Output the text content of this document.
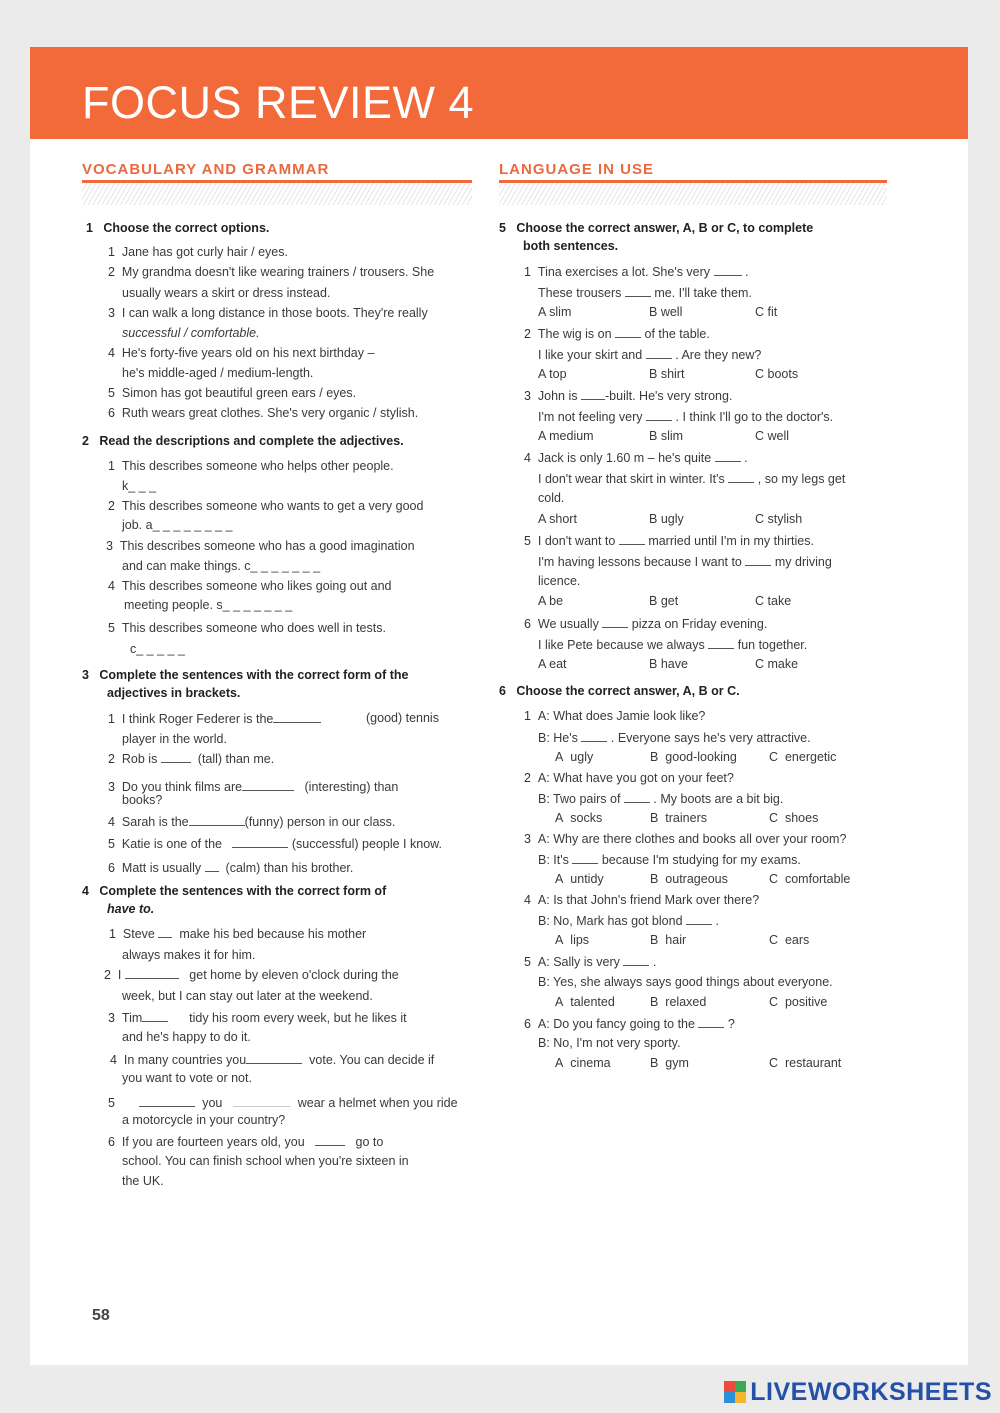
FOCUS REVIEW 4
VOCABULARY AND GRAMMAR	LANGUAGE IN USE
1 Choose the correct options.
1 Jane has got curly hair / eyes.
2 My grandma doesn't like wearing trainers / trousers. She
usually wears a skirt or dress instead.
3 I can walk a long distance in those boots. They're really
successful / comfortable.
4 He's forty-five years old on his next birthday –
he's middle-aged / medium-length.
5 Simon has got beautiful green ears / eyes.
6 Ruth wears great clothes. She's very organic / stylish.
2 Read the descriptions and complete the adjectives.
1 This describes someone who helps other people.
k_ _ _
2 This describes someone who wants to get a very good
job. a_ _ _ _ _ _ _ _
3 This describes someone who has a good imagination
and can make things. c_ _ _ _ _ _ _
4 This describes someone who likes going out and
meeting people. s_ _ _ _ _ _ _
5 This describes someone who does well in tests.
c_ _ _ _ _
3 Complete the sentences with the correct form of the
adjectives in brackets.
1 I think Roger Federer is the	(good) tennis
player in the world.
2 Rob is	(tall) than me.
3 Do you think films are	(interesting) than
books?
4 Sarah is the	(funny) person in our class.
5 Katie is one of the	(successful) people I know.
6 Matt is usually (calm) than his brother.
4 Complete the sentences with the correct form of
have to.
1 Steve make his bed because his mother
always makes it for him.
2 I	get home by eleven o'clock during the
week, but I can stay out later at the weekend.
3 Tim	tidy his room every week, but he likes it
and he's happy to do it.
4 In many countries you	vote. You can decide if
you want to vote or not.
5	you	wear a helmet when you ride
a motorcycle in your country?
6 If you are fourteen years old, you	go to
school. You can finish school when you're sixteen in
the UK.
5 Choose the correct answer, A, B or C, to complete
both sentences.
1 Tina exercises a lot. She's very	.
These trousers	me. I'll take them.
A slim	B well	C fit
2 The wig is on	of the table.
I like your skirt and	. Are they new?
A top	B shirt	C boots
3 John is -built. He's very strong.
I'm not feeling very	. I think I'll go to the doctor's.
A medium	B slim	C well
4 Jack is only 1.60 m – he's quite  .
I don't wear that skirt in winter. It's	, so my legs get
cold.
A short	B ugly	C stylish
5 I don't want to	married until I'm in my thirties.
I'm having lessons because I want to	my driving
licence.
A be	B get	C take
6 We usually	pizza on Friday evening.
I like Pete because we always	fun together.
A eat	B have	C make
6 Choose the correct answer, A, B or C.
1 A: What does Jamie look like?
B: He's	. Everyone says he's very attractive.
A ugly	B good-looking	C energetic
2 A: What have you got on your feet?
B: Two pairs of	. My boots are a bit big.
A socks	B trainers	C shoes
3 A: Why are there clothes and books all over your room?
B: It's	because I'm studying for my exams.
A untidy	B outrageous	C comfortable
4 A: Is that John's friend Mark over there?
B: No, Mark has got blond  .
A lips	B hair	C ears
5 A: Sally is very  .
B: Yes, she always says good things about everyone.
A talented	B relaxed	C positive
6 A: Do you fancy going to the  ?
B: No, I'm not very sporty.
A cinema	B gym	C restaurant
58
LIVEWORKSHEETS
